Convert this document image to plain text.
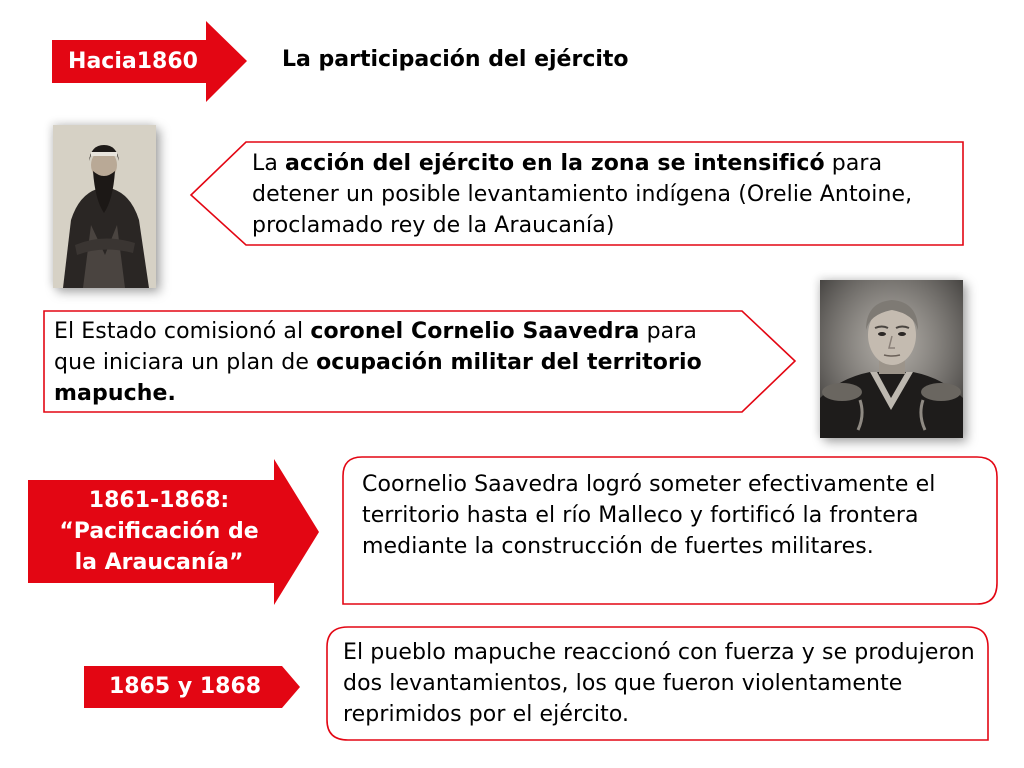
Hacia1860	La participación del ejército
La acción del ejército en la zona se intensificó para detener un posible levantamiento indígena (Orelie Antoine, proclamado rey de la Araucanía)
El Estado comisionó al coronel Cornelio Saavedra para que iniciara un plan de ocupación militar del territorio mapuche.
1861-1868:
“Pacificación de
la Araucanía”
Coornelio Saavedra logró someter efectivamente el territorio hasta el río Malleco y fortificó la frontera mediante la construcción de fuertes militares.
1865 y 1868
El pueblo mapuche reaccionó con fuerza y se produjeron dos levantamientos, los que fueron violentamente reprimidos por el ejército.
